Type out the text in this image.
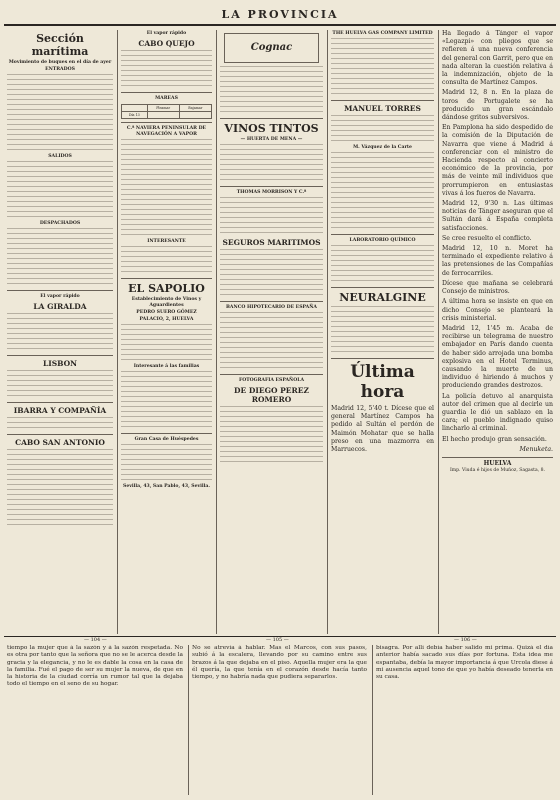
LA PROVINCIA
Sección marítima
Movimiento de buques en el día de ayer
ENTRADOS
SALIDOS
DESPACHADOS
El vapor rápido
LA GIRALDA
LISBON
IBARRA Y COMPAÑÍA
CABO SAN ANTONIO
El vapor rápido
CABO QUEJO
MAREAS
	Pleamar	Bajamar
Día 13		
C.ª NAVIERA PENINSULAR DE NAVEGACIÓN A VAPOR
INTERESANTE
EL SAPOLIO
Establecimiento de Vinos y Aguardientes
PEDRO SUERO GÓMEZ
PALACIO, 2, HUELVA
Interesante á las familias
Gran Casa de Huéspedes
Sevilla, 43, San Pablo, 43, Sevilla.
Cognac
VINOS TINTOS
— HUERTA DE MENA —
THOMAS MORRISON Y C.ª
SEGUROS MARITIMOS
BANCO HIPOTECARIO DE ESPAÑA
FOTOGRAFIA ESPAÑOLA
DE DIEGO PEREZ ROMERO
THE HUELVA GAS COMPANY LIMITED
MANUEL TORRES
M. Vázquez de la Carte
LABORATORIO QUÍMICO
NEURALGINE
Última hora
Madrid 12, 5'40 t. Dícese que el general Martínez Campos ha pedido al Sultán el perdón de Maimón Mohatar que se halla preso en una mazmorra en Marruecos.
Ha llegado á Tánger el vapor «Legazpi» con pliegos que se refieren á una nueva conferencia del general con Garrit, pero que en nada alteran la cuestión relativa á la indemnización, objeto de la consulta de Martínez Campos.
Madrid 12, 8 n. En la plaza de toros de Portugalete se ha producido un gran escándalo dándose gritos subversivos.
En Pamplona ha sido despedido de la comisión de la Diputación de Navarra que viene á Madrid á conferenciar con el ministro de Hacienda respecto al concierto económico de la provincia, por más de veinte mil individuos que prorrumpieron en entusiastas vivas á los fueros de Navarra.
Madrid 12, 9'30 n. Las últimas noticias de Tánger aseguran que el Sultán dará á España completa satisfacciones.
Se cree resuelto el conflicto.
Madrid 12, 10 n. Moret ha terminado el expediente relativo á las pretensiones de las Compañías de ferrocarriles.
Dícese que mañana se celebrará Consejo de ministros.
A última hora se insiste en que en dicho Consejo se planteará la crisis ministerial.
Madrid 12, 1'45 m. Acaba de recibirse un telegrama de nuestro embajador en París dando cuenta de haber sido arrojada una bomba explosiva en el Hotel Terminus, causando la muerte de un individuo é hiriendo á muchos y produciendo grandes destrozos.
La policía detuvo al anarquista autor del crimen que al decirle un guardia le dió un sablazo en la cara; el pueblo indignado quiso lincharlo al criminal.
El hecho produjo gran sensación.
Menuketa.
HUELVA
Imp. Viuda é hijos de Muñoz, Sagasta, 8.
— 104 —	— 105 —	— 106 —
tiempo la mujer que á la sazón y á la sazón respetada. No es otra por tanto que la señora que no se le acerca desde la gracia y la elegancia, y no le es dable la cosa en la casa de la familia. Fué el pago de ser su mujer la nueva, de que en la historia de la ciudad corría un rumor tal que la dejaba todo el tiempo en el seno de su hogar.
No se atrevía á hablar. Mas el Marcos, con sus pasos, subió á la escalera, llevando por su camino entre sus brazos á la que dejaba en el piso. Aquella mujer era la que él quería, la que tenía en el corazón desde hacía tanto tiempo, y no habría nada que pudiera separarlos.
bisagra. Por allí debía haber salido mi prima. Quizá el día anterior había sacado sus días por fortuna. Esta idea me espantaba, debía la mayor importancia á que Urcola diese á mi ausencia aquel tono de que yo había deseado tenerla en su casa.
